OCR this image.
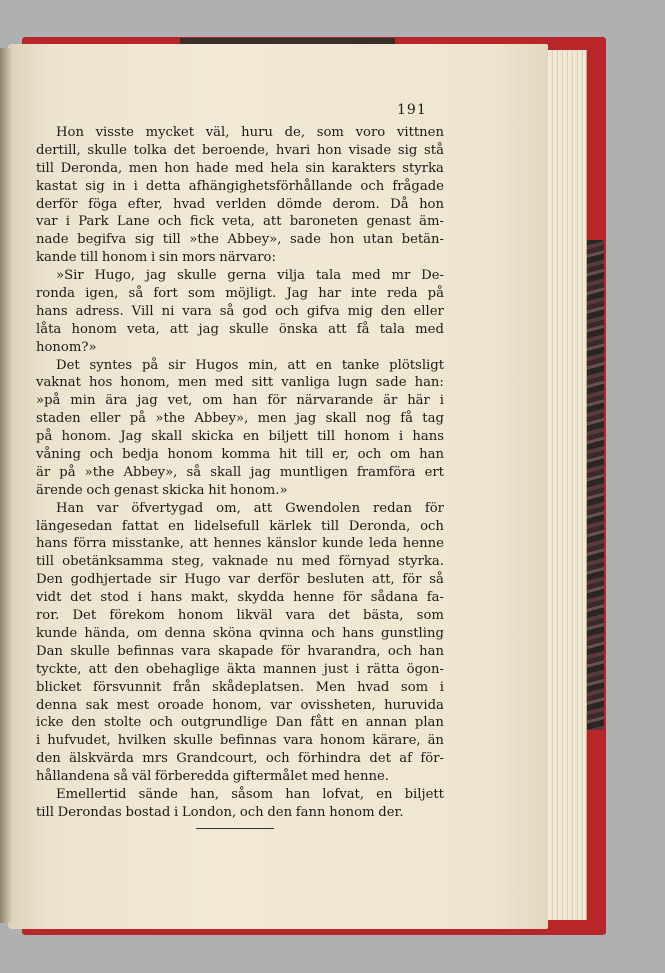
191
Hon visste mycket väl, huru de, som voro vittnen
dertill, skulle tolka det beroende, hvari hon visade sig stå
till Deronda, men hon hade med hela sin karakters styrka
kastat sig in i detta afhängighetsförhållande och frågade
derför föga efter, hvad verlden dömde derom. Då hon
var i Park Lane och fick veta, att baroneten genast äm-
nade begifva sig till »the Abbey», sade hon utan betän-
kande till honom i sin mors närvaro:
»Sir Hugo, jag skulle gerna vilja tala med mr De-
ronda igen, så fort som möjligt. Jag har inte reda på
hans adress. Vill ni vara så god och gifva mig den eller
låta honom veta, att jag skulle önska att få tala med
honom?»
Det syntes på sir Hugos min, att en tanke plötsligt
vaknat hos honom, men med sitt vanliga lugn sade han:
»på min ära jag vet, om han för närvarande är här i
staden eller på »the Abbey», men jag skall nog få tag
på honom. Jag skall skicka en biljett till honom i hans
våning och bedja honom komma hit till er, och om han
är på »the Abbey», så skall jag muntligen framföra ert
ärende och genast skicka hit honom.»
Han var öfvertygad om, att Gwendolen redan för
längesedan fattat en lidelsefull kärlek till Deronda, och
hans förra misstanke, att hennes känslor kunde leda henne
till obetänksamma steg, vaknade nu med förnyad styrka.
Den godhjertade sir Hugo var derför besluten att, för så
vidt det stod i hans makt, skydda henne för sådana fa-
ror. Det förekom honom likväl vara det bästa, som
kunde hända, om denna sköna qvinna och hans gunstling
Dan skulle befinnas vara skapade för hvarandra, och han
tyckte, att den obehaglige äkta mannen just i rätta ögon-
blicket försvunnit från skådeplatsen. Men hvad som i
denna sak mest oroade honom, var ovissheten, huruvida
icke den stolte och outgrundlige Dan fått en annan plan
i hufvudet, hvilken skulle befinnas vara honom kärare, än
den älskvärda mrs Grandcourt, och förhindra det af för-
hållandena så väl förberedda giftermålet med henne.
Emellertid sände han, såsom han lofvat, en biljett
till Derondas bostad i London, och den fann honom der.
